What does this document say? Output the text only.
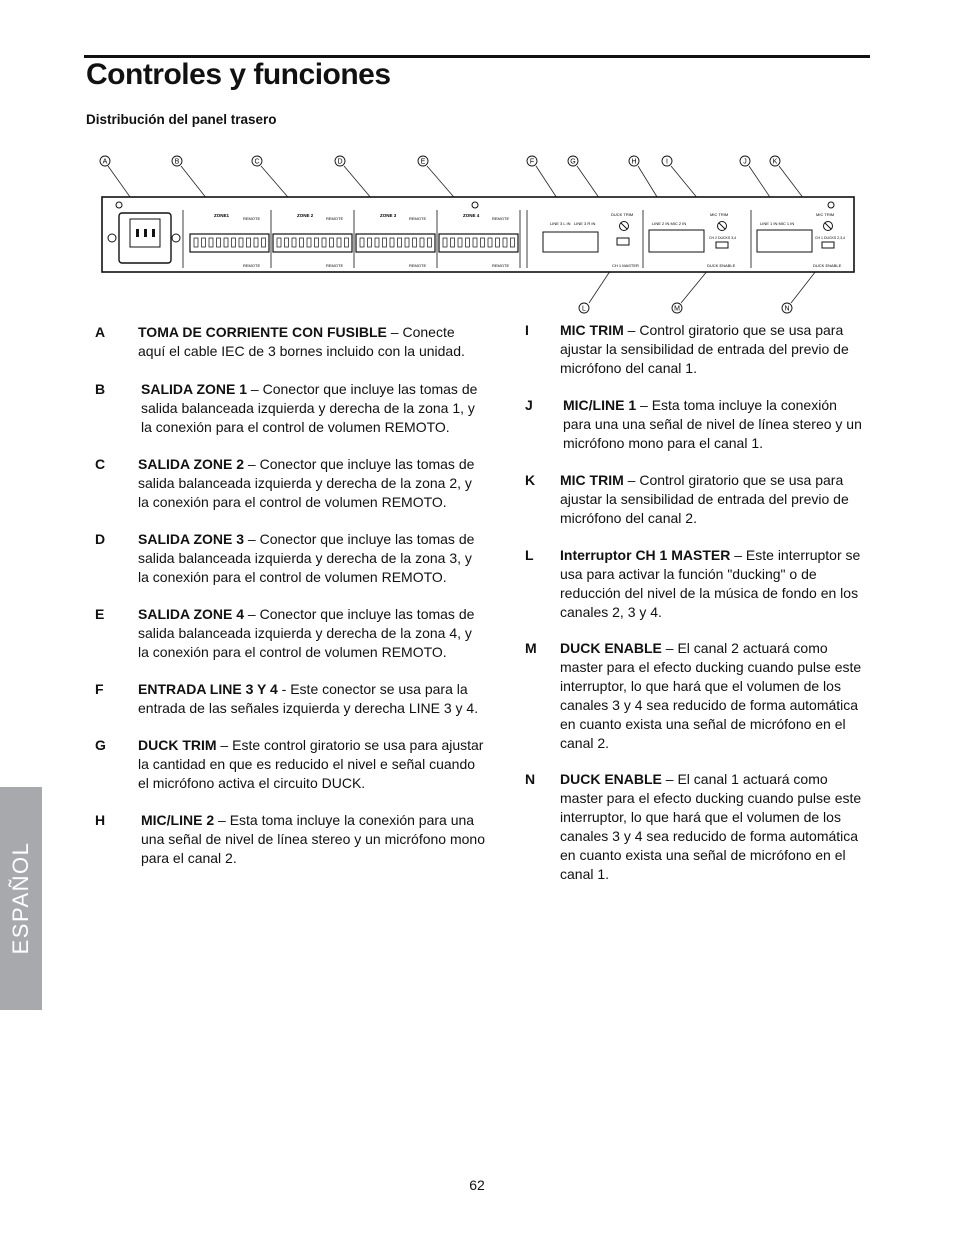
Controles y funciones
Distribución del panel trasero
ZONE1
REMOTE
REMOTE
ZONE 2
REMOTE
REMOTE
ZONE 3
REMOTE
REMOTE
ZONE 4
REMOTE
REMOTE
LINE 3 L IN LINE 3 R IN
DUCK TRIM
CH 1 MASTER
LINE 2 IN MIC 2 IN
MIC TRIM
CH 2 DUCKS 3,4
DUCK ENABLE
LINE 1 IN MIC 1 IN
MIC TRIM
CH 1 DUCKS 2,3,4
DUCK ENABLE
A	B	C	D	E	F	G	H	I	J	K
L	M	N
A TOMA DE CORRIENTE CON FUSIBLE – Conecte aquí el cable IEC de 3 bornes incluido con la unidad.
B	SALIDA ZONE 1 – Conector que incluye las tomas de salida balanceada izquierda y derecha de la zona 1, y la conexión para el control de volumen REMOTO.
C SALIDA ZONE 2 – Conector que incluye las tomas de salida balanceada izquierda y derecha de la zona 2, y la conexión para el control de volumen REMOTO.
D SALIDA ZONE 3 – Conector que incluye las tomas de salida balanceada izquierda y derecha de la zona 3, y la conexión para el control de volumen REMOTO.
E SALIDA ZONE 4 – Conector que incluye las tomas de salida balanceada izquierda y derecha de la zona 4, y la conexión para el control de volumen REMOTO.
F ENTRADA LINE 3 Y 4 - Este conector se usa para la entrada de las señales izquierda y derecha LINE 3 y 4.
G DUCK TRIM – Este control giratorio se usa para ajustar la cantidad en que es reducido el nivel e señal cuando el micrófono activa el circuito DUCK.
H	MIC/LINE 2 – Esta toma incluye la conexión para una una señal de nivel de línea stereo y un micrófono mono para el canal 2.
I MIC TRIM – Control giratorio que se usa para ajustar la sensibilidad de entrada del previo de micrófono del canal 1.
J MIC/LINE 1 – Esta toma incluye la conexión para una una señal de nivel de línea stereo y un micrófono mono para el canal 1.
K MIC TRIM – Control giratorio que se usa para ajustar la sensibilidad de entrada del previo de micrófono del canal 2.
L Interruptor CH 1 MASTER – Este interruptor se usa para activar la función "ducking" o de reducción del nivel de la música de fondo en los canales 2, 3 y 4.
M DUCK ENABLE – El canal 2 actuará como master para el efecto ducking cuando pulse este interruptor, lo que hará que el volumen de los canales 3 y 4 sea reducido de forma automática en cuanto exista una señal de micrófono en el canal 2.
N DUCK ENABLE – El canal 1 actuará como master para el efecto ducking cuando pulse este interruptor, lo que hará que el volumen de los canales 3 y 4 sea reducido de forma automática en cuanto exista una señal de micrófono en el canal 1.
ESPAÑOL
62
